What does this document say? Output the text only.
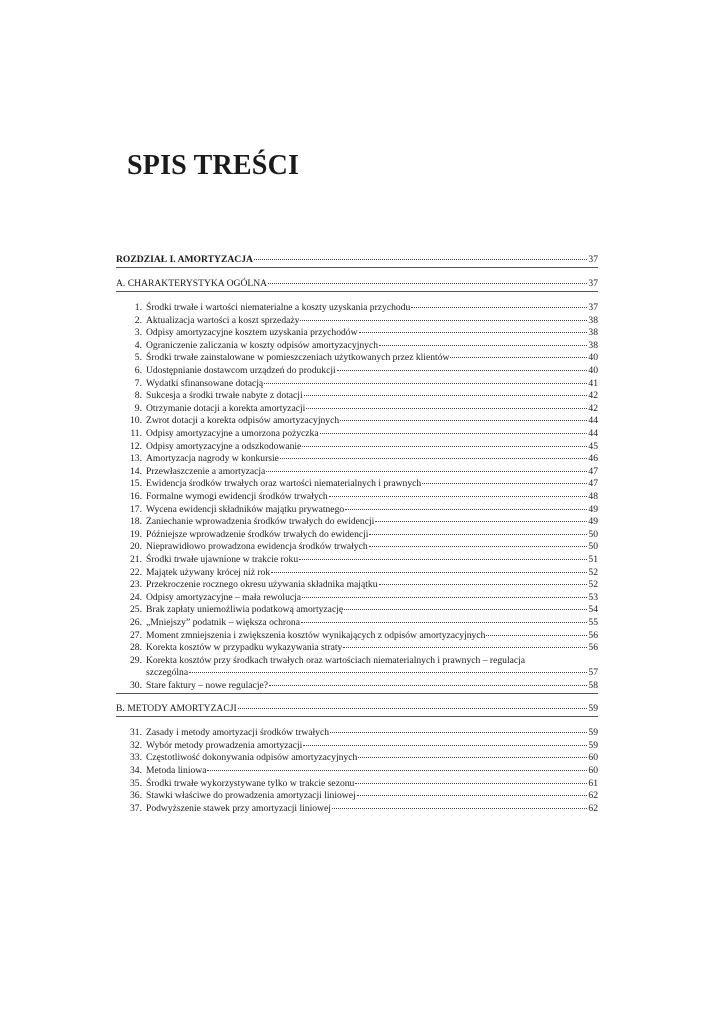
SPIS TREŚCI
ROZDZIAŁ I. AMORTYZACJA	37
A. CHARAKTERYSTYKA OGÓLNA	37
1. Środki trwałe i wartości niematerialne a koszty uzyskania przychodu	37
2. Aktualizacja wartości a koszt sprzedaży	38
3. Odpisy amortyzacyjne kosztem uzyskania przychodów	38
4. Ograniczenie zaliczania w koszty odpisów amortyzacyjnych	38
5. Środki trwałe zainstalowane w pomieszczeniach użytkowanych przez klientów	40
6. Udostępnianie dostawcom urządzeń do produkcji	40
7. Wydatki sfinansowane dotacją	41
8. Sukcesja a środki trwałe nabyte z dotacji	42
9. Otrzymanie dotacji a korekta amortyzacji	42
10. Zwrot dotacji a korekta odpisów amortyzacyjnych	44
11. Odpisy amortyzacyjne a umorzona pożyczka	44
12. Odpisy amortyzacyjne a odszkodowanie	45
13. Amortyzacja nagrody w konkursie	46
14. Przewłaszczenie a amortyzacja	47
15. Ewidencja środków trwałych oraz wartości niematerialnych i prawnych	47
16. Formalne wymogi ewidencji środków trwałych	48
17. Wycena ewidencji składników majątku prywatnego	49
18. Zaniechanie wprowadzenia środków trwałych do ewidencji	49
19. Późniejsze wprowadzenie środków trwałych do ewidencji	50
20. Nieprawidłowo prowadzona ewidencja środków trwałych	50
21. Środki trwałe ujawnione w trakcie roku	51
22. Majątek używany krócej niż rok	52
23. Przekroczenie rocznego okresu używania składnika majątku	52
24. Odpisy amortyzacyjne – mała rewolucja	53
25. Brak zapłaty uniemożliwia podatkową amortyzację	54
26. „Mniejszy” podatnik – większa ochrona	55
27. Moment zmniejszenia i zwiększenia kosztów wynikających z odpisów amortyzacyjnych	56
28. Korekta kosztów w przypadku wykazywania straty	56
29. Korekta kosztów przy środkach trwałych oraz wartościach niematerialnych i prawnych – regulacja
szczególna	57
30. Stare faktury – nowe regulacje?	58
B. METODY AMORTYZACJI	59
31. Zasady i metody amortyzacji środków trwałych	59
32. Wybór metody prowadzenia amortyzacji	59
33. Częstotliwość dokonywania odpisów amortyzacyjnych	60
34. Metoda liniowa	60
35. Środki trwałe wykorzystywane tylko w trakcie sezonu	61
36. Stawki właściwe do prowadzenia amortyzacji liniowej	62
37. Podwyższenie stawek przy amortyzacji liniowej	62
